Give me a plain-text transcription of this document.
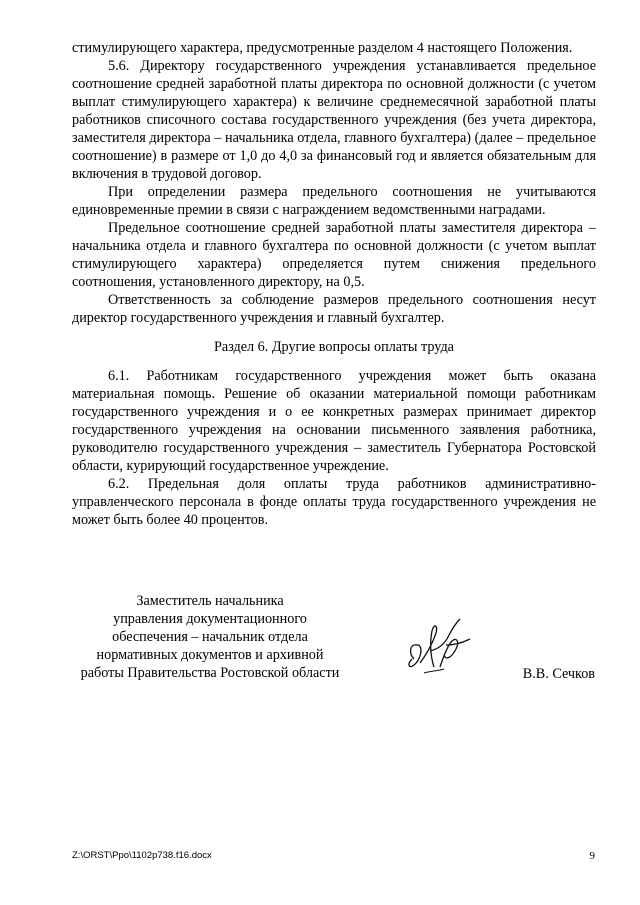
стимулирующего характера, предусмотренные разделом 4 настоящего Положения.

5.6. Директору государственного учреждения устанавливается предельное соотношение средней заработной платы директора по основной должности (с учетом выплат стимулирующего характера) к величине среднемесячной заработной платы работников списочного состава государственного учреждения (без учета директора, заместителя директора – начальника отдела, главного бухгалтера) (далее – предельное соотношение) в размере от 1,0 до 4,0 за финансовый год и является обязательным для включения в трудовой договор.

При определении размера предельного соотношения не учитываются единовременные премии в связи с награждением ведомственными наградами.

Предельное соотношение средней заработной платы заместителя директора – начальника отдела и главного бухгалтера по основной должности (с учетом выплат стимулирующего характера) определяется путем снижения предельного соотношения, установленного директору, на 0,5.

Ответственность за соблюдение размеров предельного соотношения несут директор государственного учреждения и главный бухгалтер.

Раздел 6. Другие вопросы оплаты труда

6.1. Работникам государственного учреждения может быть оказана материальная помощь. Решение об оказании материальной помощи работникам государственного учреждения и о ее конкретных размерах принимает директор государственного учреждения на основании письменного заявления работника, руководителю государственного учреждения – заместитель Губернатора Ростовской области, курирующий государственное учреждение.

6.2. Предельная доля оплаты труда работников административно-управленческого персонала в фонде оплаты труда государственного учреждения не может быть более 40 процентов.

Заместитель начальника
управления документационного
обеспечения – начальник отдела
нормативных документов и архивной
работы Правительства Ростовской области	В.В. Сечков
Z:\ORST\Ppo\1102p738.f16.docx	9
